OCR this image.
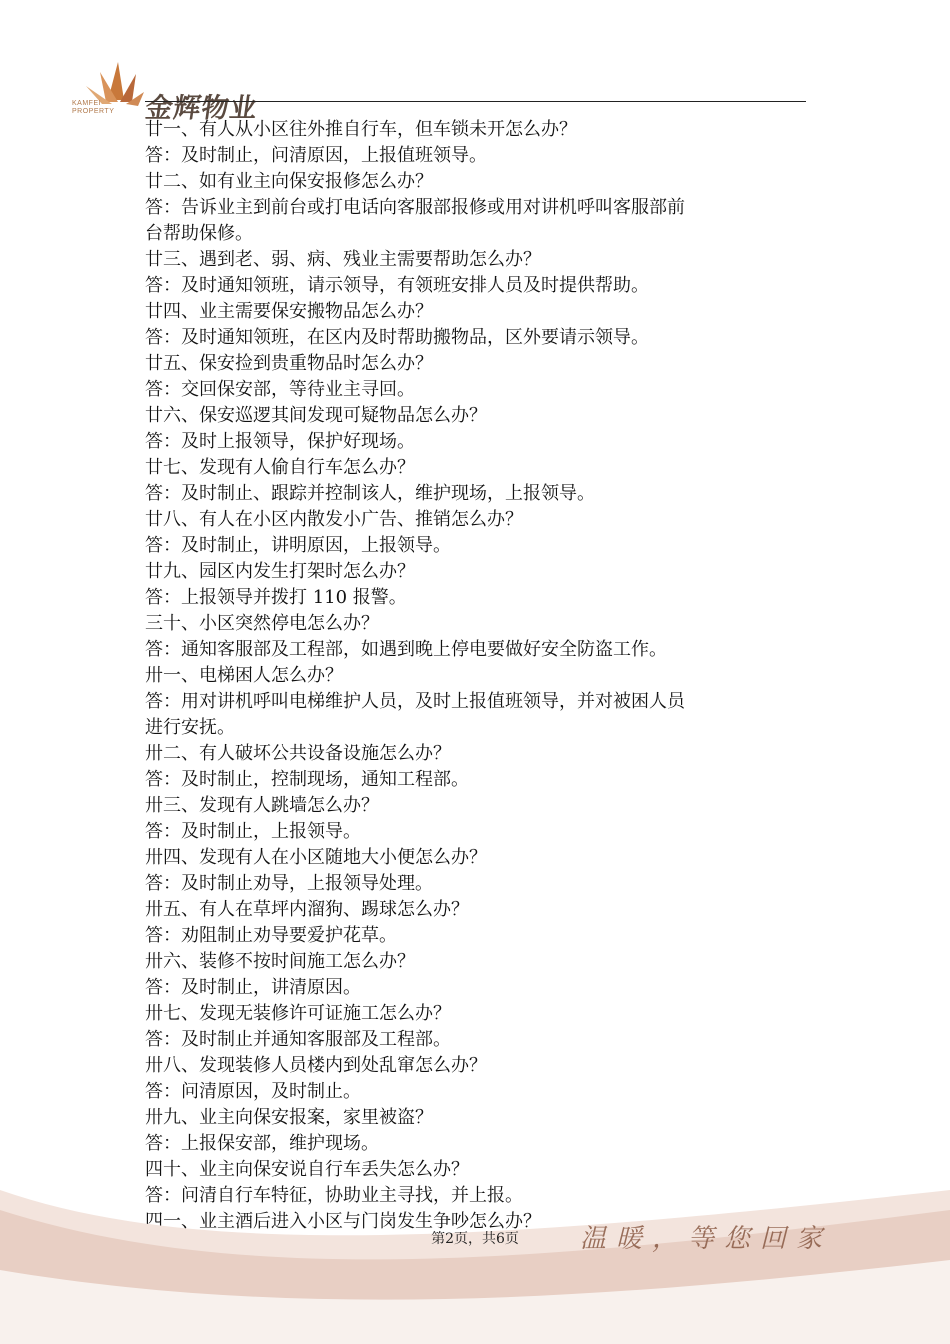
KAMFEI
PROPERTY 金辉物业
廿一、有人从小区往外推自行车，但车锁未开怎么办？
答：及时制止，问清原因，上报值班领导。
廿二、如有业主向保安报修怎么办？
答：告诉业主到前台或打电话向客服部报修或用对讲机呼叫客服部前
台帮助保修。
廿三、遇到老、弱、病、残业主需要帮助怎么办？
答：及时通知领班，请示领导，有领班安排人员及时提供帮助。
廿四、业主需要保安搬物品怎么办？
答：及时通知领班，在区内及时帮助搬物品，区外要请示领导。
廿五、保安捡到贵重物品时怎么办？
答：交回保安部，等待业主寻回。
廿六、保安巡逻其间发现可疑物品怎么办？
答：及时上报领导，保护好现场。
廿七、发现有人偷自行车怎么办？
答：及时制止、跟踪并控制该人，维护现场，上报领导。
廿八、有人在小区内散发小广告、推销怎么办？
答：及时制止，讲明原因，上报领导。
廿九、园区内发生打架时怎么办？
答：上报领导并拨打 110 报警。
三十、小区突然停电怎么办？
答：通知客服部及工程部，如遇到晚上停电要做好安全防盗工作。
卅一、电梯困人怎么办？
答：用对讲机呼叫电梯维护人员，及时上报值班领导，并对被困人员
进行安抚。
卅二、有人破坏公共设备设施怎么办？
答：及时制止，控制现场，通知工程部。
卅三、发现有人跳墙怎么办？
答：及时制止，上报领导。
卅四、发现有人在小区随地大小便怎么办？
答：及时制止劝导，上报领导处理。
卅五、有人在草坪内溜狗、踢球怎么办？
答：劝阻制止劝导要爱护花草。
卅六、装修不按时间施工怎么办？
答：及时制止，讲清原因。
卅七、发现无装修许可证施工怎么办？
答：及时制止并通知客服部及工程部。
卅八、发现装修人员楼内到处乱窜怎么办？
答：问清原因，及时制止。
卅九、业主向保安报案，家里被盗？
答：上报保安部，维护现场。
四十、业主向保安说自行车丢失怎么办？
答：问清自行车特征，协助业主寻找，并上报。
四一、业主酒后进入小区与门岗发生争吵怎么办？
第2页，共6页	温暖，等您回家
